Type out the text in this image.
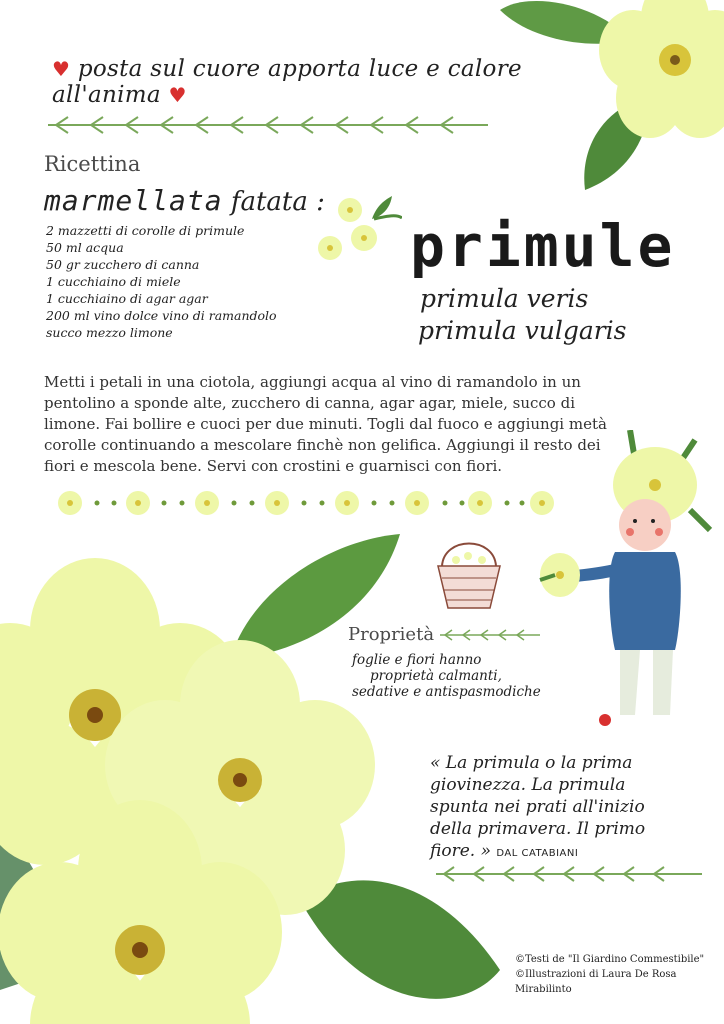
♥ posta sul cuore apporta luce e calore
all'anima ♥
Ricettina
marmellata fatata :
2 mazzetti di corolle di primule
50 ml acqua
50 gr zucchero di canna
1 cucchiaino di miele
1 cucchiaino di agar agar
200 ml vino dolce vino di ramandolo
succo mezzo limone
primule
primula veris
primula vulgaris
Metti i petali in una ciotola, aggiungi acqua al vino di ramandolo in un pentolino a sponde alte, zucchero di canna, agar agar, miele, succo di limone. Fai bollire e cuoci per due minuti. Togli dal fuoco e aggiungi metà corolle continuando a mescolare finchè non gelifica. Aggiungi il resto dei fiori e mescola bene. Servi con crostini e guarnisci con fiori.
Proprietà
foglie e fiori hanno
proprietà calmanti,
sedative e antispasmodiche
« La primula o la prima
giovinezza. La primula
spunta nei prati all'inizio
della primavera. Il primo
fiore. » DAL CATABIANI
©Testi de "Il Giardino Commestibile"
©Illustrazioni di Laura De Rosa Mirabilinto
